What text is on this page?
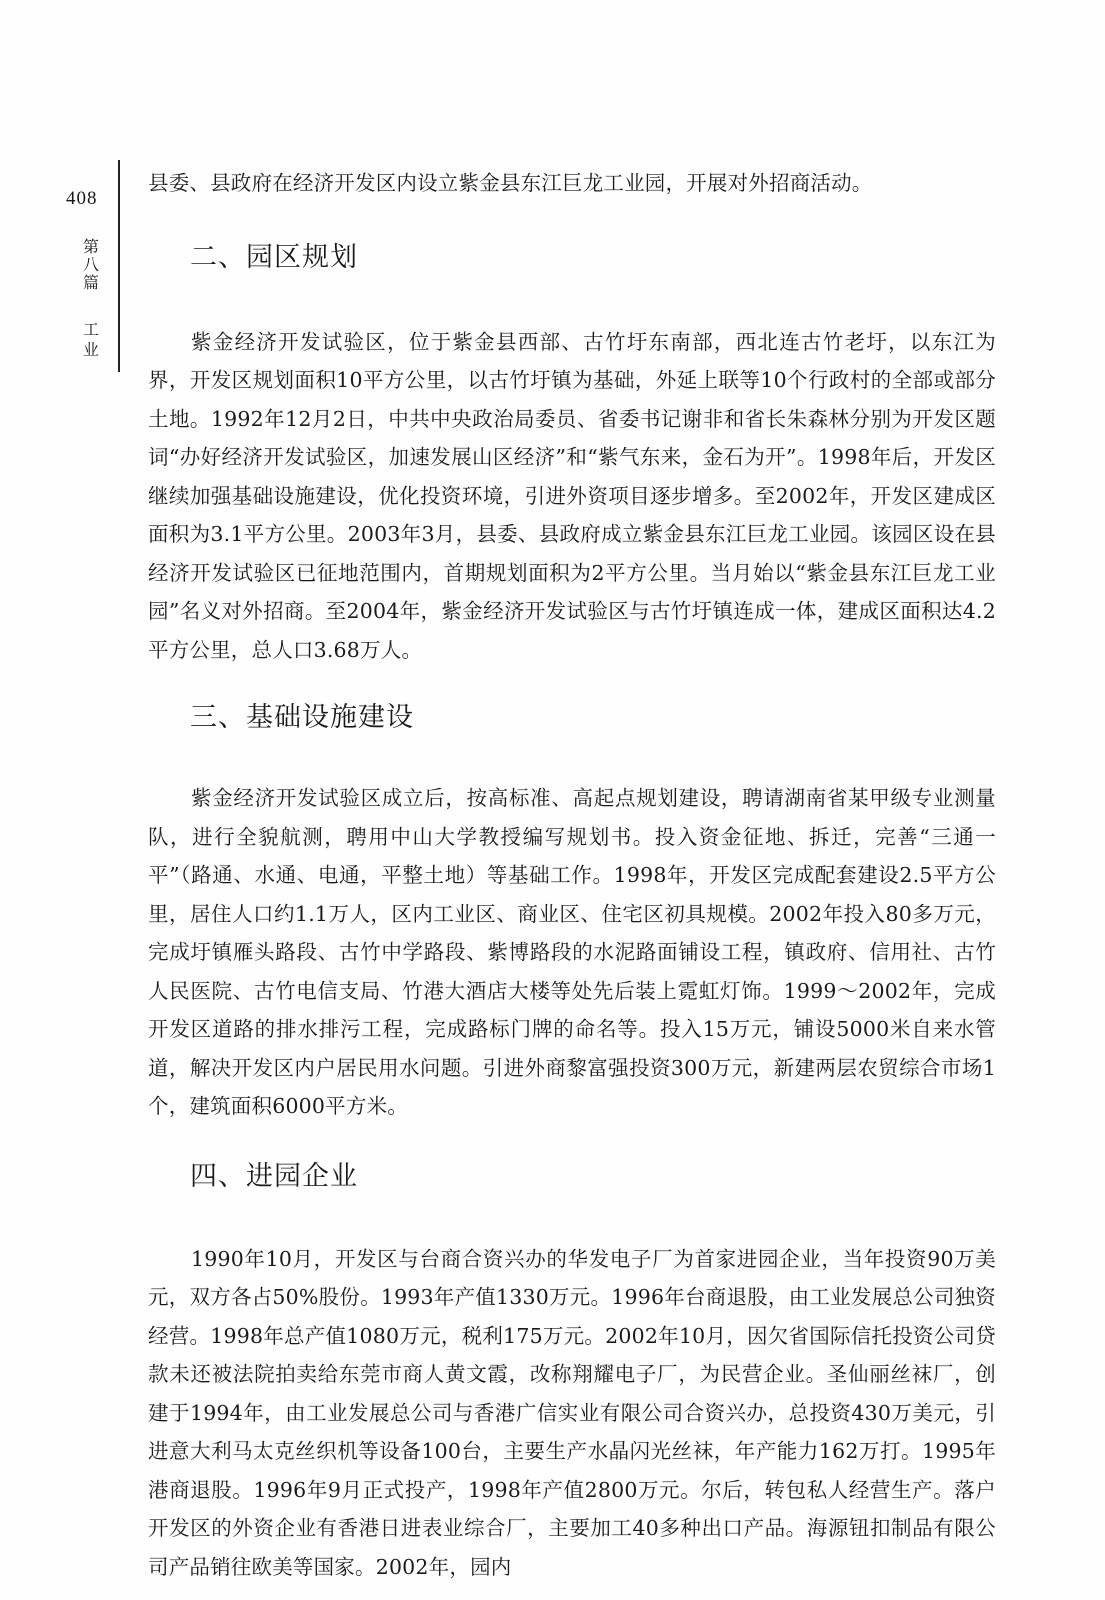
408
第八篇
工业

县委、县政府在经济开发区内设立紫金县东江巨龙工业园，开展对外招商活动。

二、园区规划

紫金经济开发试验区，位于紫金县西部、古竹圩东南部，西北连古竹老圩，以东江为界，开发区规划面积10平方公里，以古竹圩镇为基础，外延上联等10个行政村的全部或部分土地。1992年12月2日，中共中央政治局委员、省委书记谢非和省长朱森林分别为开发区题词“办好经济开发试验区，加速发展山区经济”和“紫气东来，金石为开”。1998年后，开发区继续加强基础设施建设，优化投资环境，引进外资项目逐步增多。至2002年，开发区建成区面积为3.1平方公里。2003年3月，县委、县政府成立紫金县东江巨龙工业园。该园区设在县经济开发试验区已征地范围内，首期规划面积为2平方公里。当月始以“紫金县东江巨龙工业园”名义对外招商。至2004年，紫金经济开发试验区与古竹圩镇连成一体，建成区面积达4.2平方公里，总人口3.68万人。

三、基础设施建设

紫金经济开发试验区成立后，按高标准、高起点规划建设，聘请湖南省某甲级专业测量队，进行全貌航测，聘用中山大学教授编写规划书。投入资金征地、拆迁，完善“三通一平”（路通、水通、电通，平整土地）等基础工作。1998年，开发区完成配套建设2.5平方公里，居住人口约1.1万人，区内工业区、商业区、住宅区初具规模。2002年投入80多万元，完成圩镇雁头路段、古竹中学路段、紫博路段的水泥路面铺设工程，镇政府、信用社、古竹人民医院、古竹电信支局、竹港大酒店大楼等处先后装上霓虹灯饰。1999～2002年，完成开发区道路的排水排污工程，完成路标门牌的命名等。投入15万元，铺设5000米自来水管道，解决开发区内户居民用水问题。引进外商黎富强投资300万元，新建两层农贸综合市场1个，建筑面积6000平方米。

四、进园企业

1990年10月，开发区与台商合资兴办的华发电子厂为首家进园企业，当年投资90万美元，双方各占50%股份。1993年产值1330万元。1996年台商退股，由工业发展总公司独资经营。1998年总产值1080万元，税利175万元。2002年10月，因欠省国际信托投资公司贷款未还被法院拍卖给东莞市商人黄文霞，改称翔耀电子厂，为民营企业。圣仙丽丝袜厂，创建于1994年，由工业发展总公司与香港广信实业有限公司合资兴办，总投资430万美元，引进意大利马太克丝织机等设备100台，主要生产水晶闪光丝袜，年产能力162万打。1995年港商退股。1996年9月正式投产，1998年产值2800万元。尔后，转包私人经营生产。落户开发区的外资企业有香港日进表业综合厂，主要加工40多种出口产品。海源钮扣制品有限公司产品销往欧美等国家。2002年，园内
